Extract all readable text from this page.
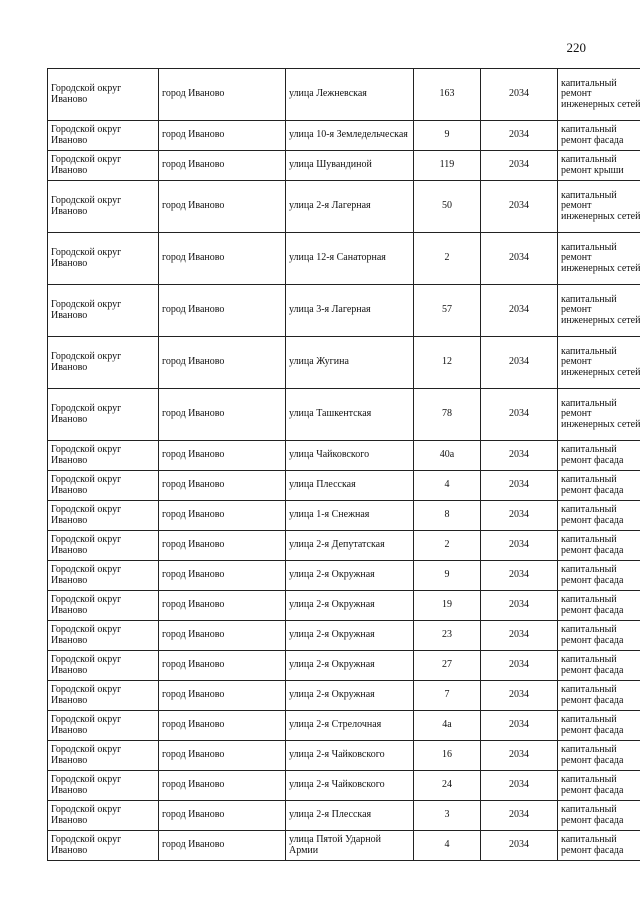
220
Городской округ Иваново	город Иваново	улица Лежневская	163	2034	капитальный ремонт инженерных сетей
Городской округ Иваново	город Иваново	улица 10-я Земледельческая	9	2034	капитальный ремонт фасада
Городской округ Иваново	город Иваново	улица Шувандиной	119	2034	капитальный ремонт крыши
Городской округ Иваново	город Иваново	улица 2-я Лагерная	50	2034	капитальный ремонт инженерных сетей
Городской округ Иваново	город Иваново	улица 12-я Санаторная	2	2034	капитальный ремонт инженерных сетей
Городской округ Иваново	город Иваново	улица 3-я Лагерная	57	2034	капитальный ремонт инженерных сетей
Городской округ Иваново	город Иваново	улица Жугина	12	2034	капитальный ремонт инженерных сетей
Городской округ Иваново	город Иваново	улица Ташкентская	78	2034	капитальный ремонт инженерных сетей
Городской округ Иваново	город Иваново	улица Чайковского	40а	2034	капитальный ремонт фасада
Городской округ Иваново	город Иваново	улица Плесская	4	2034	капитальный ремонт фасада
Городской округ Иваново	город Иваново	улица 1-я Снежная	8	2034	капитальный ремонт фасада
Городской округ Иваново	город Иваново	улица 2-я Депутатская	2	2034	капитальный ремонт фасада
Городской округ Иваново	город Иваново	улица 2-я Окружная	9	2034	капитальный ремонт фасада
Городской округ Иваново	город Иваново	улица 2-я Окружная	19	2034	капитальный ремонт фасада
Городской округ Иваново	город Иваново	улица 2-я Окружная	23	2034	капитальный ремонт фасада
Городской округ Иваново	город Иваново	улица 2-я Окружная	27	2034	капитальный ремонт фасада
Городской округ Иваново	город Иваново	улица 2-я Окружная	7	2034	капитальный ремонт фасада
Городской округ Иваново	город Иваново	улица 2-я Стрелочная	4а	2034	капитальный ремонт фасада
Городской округ Иваново	город Иваново	улица 2-я Чайковского	16	2034	капитальный ремонт фасада
Городской округ Иваново	город Иваново	улица 2-я Чайковского	24	2034	капитальный ремонт фасада
Городской округ Иваново	город Иваново	улица 2-я Плесская	3	2034	капитальный ремонт фасада
Городской округ Иваново	город Иваново	улица Пятой Ударной Армии	4	2034	капитальный ремонт фасада
